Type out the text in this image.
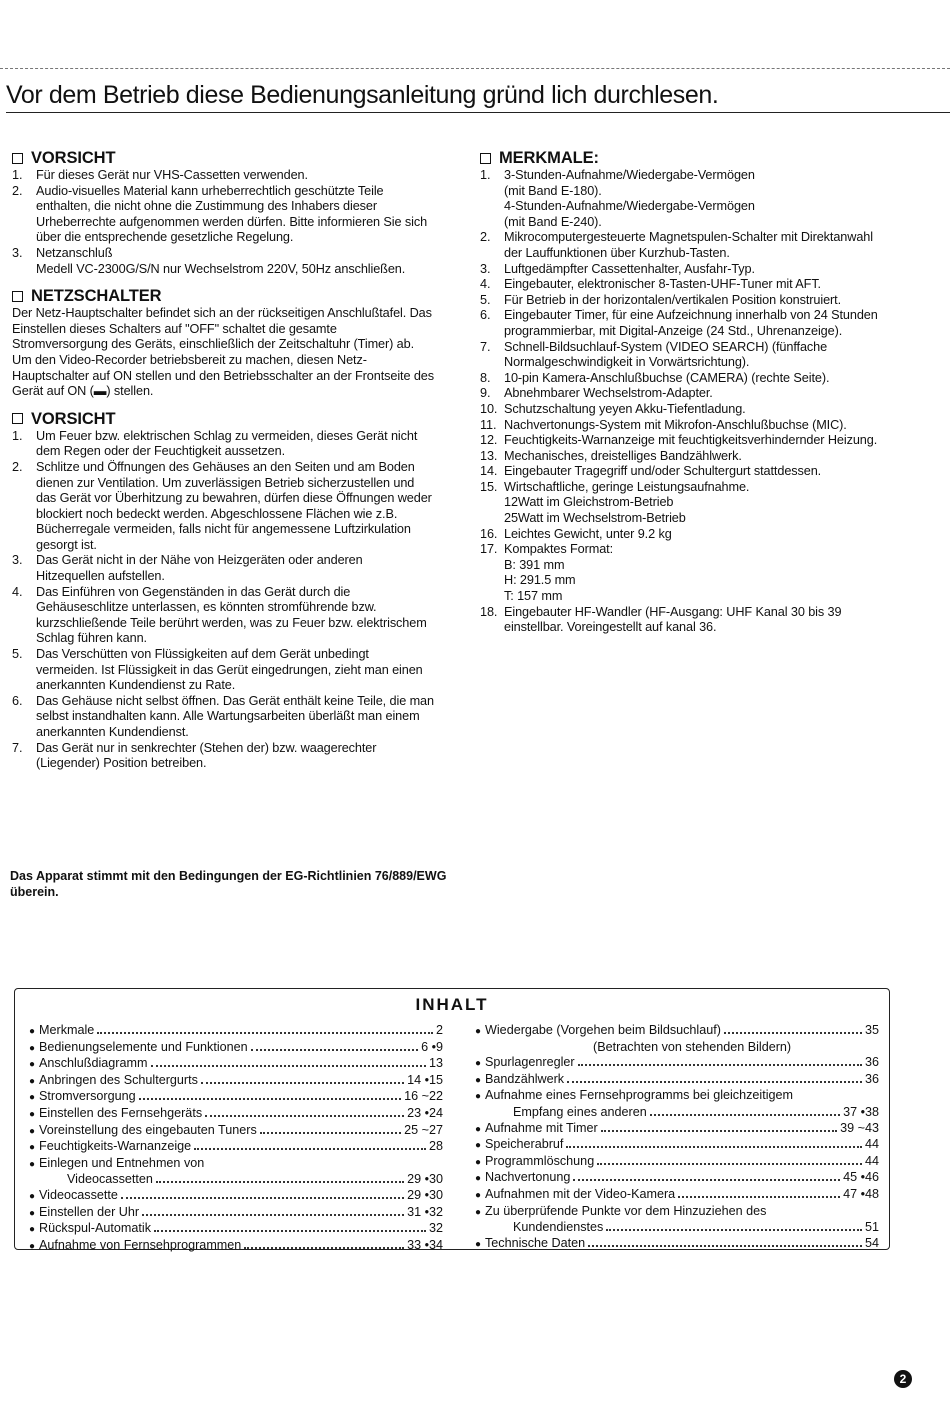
Vor dem Betrieb diese Bedienungsanleitung gründ lich durchlesen.
VORSICHT
1.	Für dieses Gerät nur VHS-Cassetten verwenden.
2.	Audio-visuelles Material kann urheberrechtlich geschützte Teile enthalten, die nicht ohne die Zustimmung des Inhabers dieser Urheberrechte aufgenommen werden dürfen. Bitte informieren Sie sich über die entsprechende gesetzliche Regelung.
3.	Netzanschluß
Medell VC-2300G/S/N nur Wechselstrom 220V, 50Hz anschließen.
NETZSCHALTER

Der Netz-Hauptschalter befindet sich an der rückseitigen Anschlußtafel. Das Einstellen dieses Schalters auf "OFF" schaltet die gesamte Stromversorgung des Geräts, einschließlich der Zeitschaltuhr (Timer) ab.

Um den Video-Recorder betriebsbereit zu machen, diesen Netz-Hauptschalter auf ON stellen und den Betriebsschalter an der Frontseite des Gerät auf ON (▬) stellen.

VORSICHT
1.	Um Feuer bzw. elektrischen Schlag zu vermeiden, dieses Gerät nicht dem Regen oder der Feuchtigkeit aussetzen.
2.	Schlitze und Öffnungen des Gehäuses an den Seiten und am Boden dienen zur Ventilation. Um zuverlässigen Betrieb sicherzustellen und das Gerät vor Überhitzung zu bewahren, dürfen diese Öffnungen weder blockiert noch bedeckt werden. Abgeschlossene Flächen wie z.B. Bücherregale vermeiden, falls nicht für angemessene Luftzirkulation gesorgt ist.
3.	Das Gerät nicht in der Nähe von Heizgeräten oder anderen Hitzequellen aufstellen.
4.	Das Einführen von Gegenständen in das Gerät durch die Gehäuseschlitze unterlassen, es könnten stromführende bzw. kurzschließende Teile berührt werden, was zu Feuer bzw. elektrischem Schlag führen kann.
5.	Das Verschütten von Flüssigkeiten auf dem Gerät unbedingt vermeiden. Ist Flüssigkeit in das Gerüt eingedrungen, zieht man einen anerkannten Kundendienst zu Rate.
6.	Das Gehäuse nicht selbst öffnen. Das Gerät enthält keine Teile, die man selbst instandhalten kann. Alle Wartungsarbeiten überläßt man einem anerkannten Kundendienst.
7.	Das Gerät nur in senkrechter (Stehen der) bzw. waagerechter (Liegender) Position betreiben.
MERKMALE:
1.	3-Stunden-Aufnahme/Wiedergabe-Vermögen
(mit Band E-180).
4-Stunden-Aufnahme/Wiedergabe-Vermögen
(mit Band E-240).
2.	Mikrocomputergesteuerte Magnetspulen-Schalter mit Direktanwahl der Lauffunktionen über Kurzhub-Tasten.
3.	Luftgedämpfter Cassettenhalter, Ausfahr-Typ.
4.	Eingebauter, elektronischer 8-Tasten-UHF-Tuner mit AFT.
5.	Für Betrieb in der horizontalen/vertikalen Position konstruiert.
6.	Eingebauter Timer, für eine Aufzeichnung innerhalb von 24 Stunden programmierbar, mit Digital-Anzeige (24 Std., Uhrenanzeige).
7.	Schnell-Bildsuchlauf-System (VIDEO SEARCH) (fünffache Normalgeschwindigkeit in Vorwärtsrichtung).
8.	10-pin Kamera-Anschlußbuchse (CAMERA) (rechte Seite).
9.	Abnehmbarer Wechselstrom-Adapter.
10. Schutzschaltung yeyen Akku-Tiefentladung.
11. Nachvertonungs-System mit Mikrofon-Anschlußbuchse (MIC).
12. Feuchtigkeits-Warnanzeige mit feuchtigkeitsverhindernder Heizung.
13. Mechanisches, dreistelliges Bandzählwerk.
14. Eingebauter Tragegriff und/oder Schultergurt stattdessen.
15. Wirtschaftliche, geringe Leistungsaufnahme.
12Watt im Gleichstrom-Betrieb
25Watt im Wechselstrom-Betrieb
16. Leichtes Gewicht, unter 9.2 kg
17. Kompaktes Format:
B: 391 mm
H: 291.5 mm
T: 157 mm
18. Eingebauter HF-Wandler (HF-Ausgang: UHF Kanal 30 bis 39 einstellbar. Voreingestellt auf kanal 36.
Das Apparat stimmt mit den Bedingungen der EG-Richtlinien 76/889/EWG überein.
INHALT
● Merkmale	2
● Bedienungselemente und Funktionen	6 •9
● Anschlußdiagramm	13
● Anbringen des Schultergurts	14 •15
● Stromversorgung	16 ~22
● Einstellen des Fernsehgeräts	23 •24
● Voreinstellung des eingebauten Tuners	25 ~27
● Feuchtigkeits-Warnanzeige	28
● Einlegen und Entnehmen von
Videocassetten	29 •30
● Videocassette	29 •30
● Einstellen der Uhr	31 •32
● Rückspul-Automatik	32
● Aufnahme von Fernsehprogrammen	33 •34
● Wiedergabe (Vorgehen beim Bildsuchlauf)	35
(Betrachten von stehenden Bildern)
● Spurlagenregler	36
● Bandzählwerk	36
● Aufnahme eines Fernsehprogramms bei gleichzeitigem
Empfang eines anderen	37 •38
● Aufnahme mit Timer	39 ~43
● Speicherabruf	44
● Programmlöschung	44
● Nachvertonung	45 •46
● Aufnahmen mit der Video-Kamera	47 •48
● Zu überprüfende Punkte vor dem Hinzuziehen des
Kundendienstes	51
● Technische Daten	54
2
